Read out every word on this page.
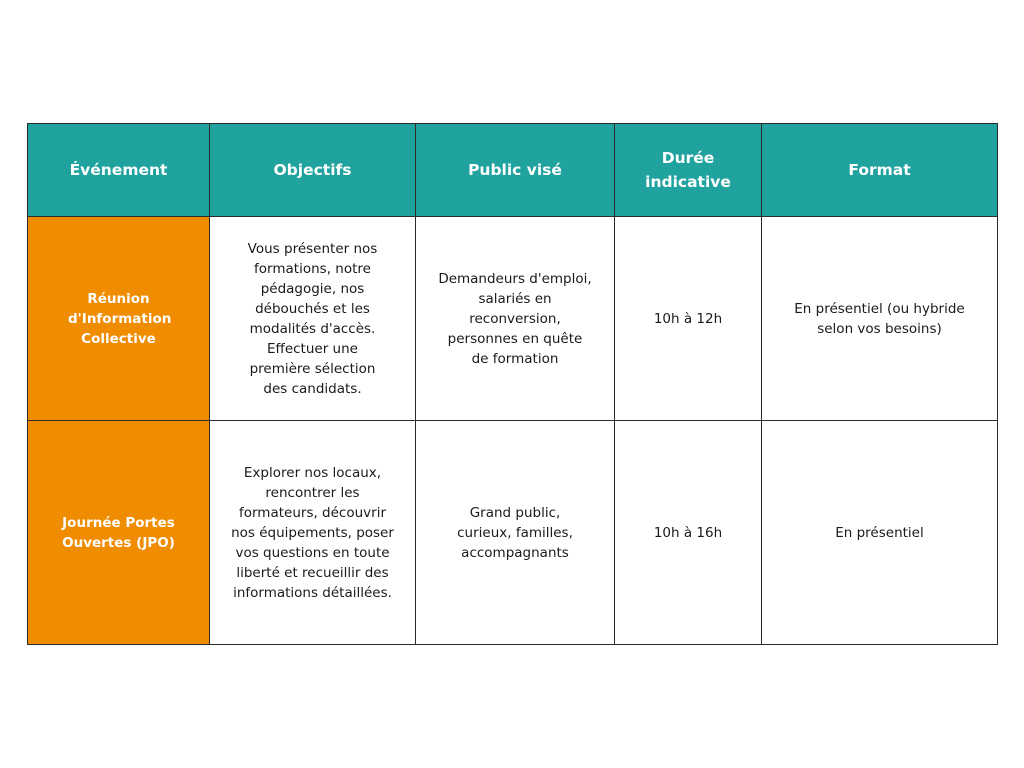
Événement	Objectifs	Public visé	Durée indicative	Format

Réunion d'Information Collective	Vous présenter nos formations, notre pédagogie, nos débouchés et les modalités d'accès. Effectuer une première sélection des candidats.	Demandeurs d'emploi, salariés en reconversion, personnes en quête de formation	10h à 12h	En présentiel (ou hybride selon vos besoins)

Journée Portes Ouvertes (JPO)	Explorer nos locaux, rencontrer les formateurs, découvrir nos équipements, poser vos questions en toute liberté et recueillir des informations détaillées.	Grand public, curieux, familles, accompagnants	10h à 16h	En présentiel
